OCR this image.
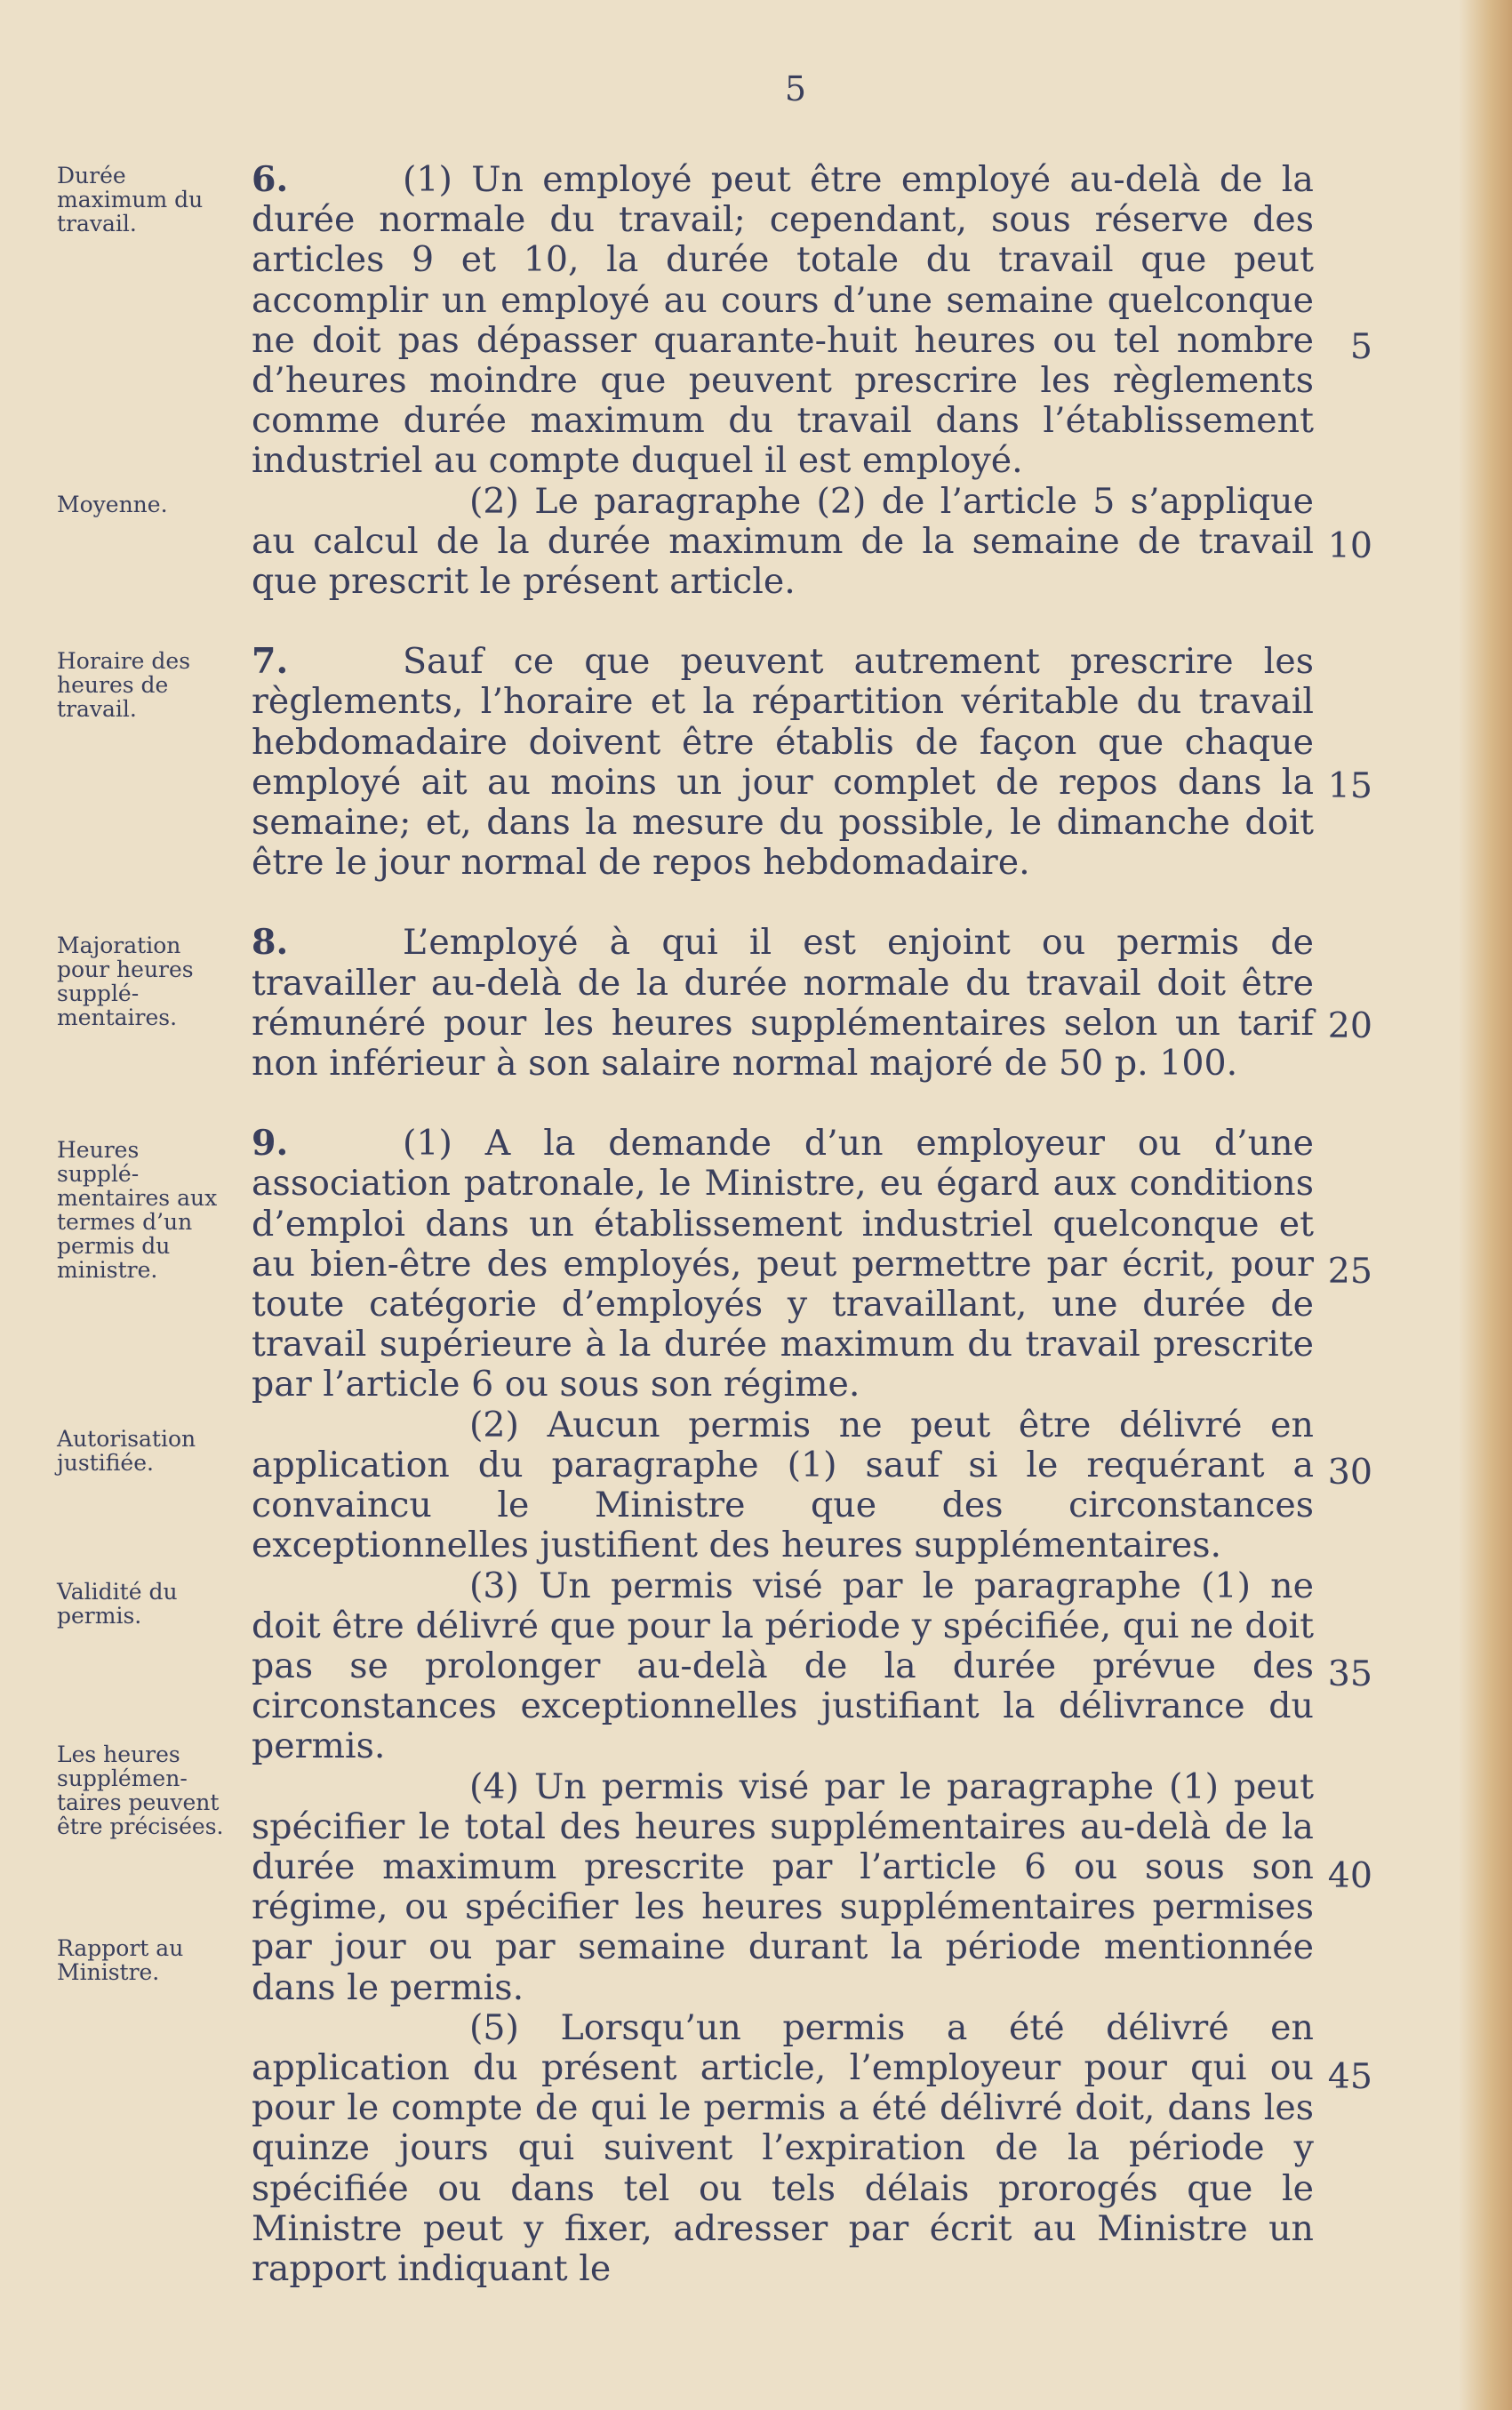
5
Durée maximum du travail.
Moyenne.
Horaire des heures de travail.
Majoration pour heures supplé- mentaires.
Heures supplé- mentaires aux termes d’un permis du ministre.
Autorisation justifiée.
Validité du permis.
Les heures supplémen- taires peuvent être précisées.
Rapport au Ministre.

6.	(1) Un employé peut être employé au-delà de la durée normale du travail; cependant, sous réserve des articles 9 et 10, la durée totale du travail que peut accomplir un employé au cours d’une semaine quelconque ne doit pas dépasser quarante-huit heures ou tel nombre d’heures moindre que peuvent prescrire les règlements comme durée maximum du travail dans l’établissement industriel au compte duquel il est employé.

(2) Le paragraphe (2) de l’article 5 s’applique au calcul de la durée maximum de la semaine de travail que prescrit le présent article.

7.	Sauf ce que peuvent autrement prescrire les règlements, l’horaire et la répartition véritable du travail hebdomadaire doivent être établis de façon que chaque employé ait au moins un jour complet de repos dans la semaine; et, dans la mesure du possible, le dimanche doit être le jour normal de repos hebdomadaire.

8.	L’employé à qui il est enjoint ou permis de travailler au-delà de la durée normale du travail doit être rémunéré pour les heures supplémentaires selon un tarif non inférieur à son salaire normal majoré de 50 p. 100.

9.	(1) A la demande d’un employeur ou d’une association patronale, le Ministre, eu égard aux conditions d’emploi dans un établissement industriel quelconque et au bien-être des employés, peut permettre par écrit, pour toute catégorie d’employés y travaillant, une durée de travail supérieure à la durée maximum du travail prescrite par l’article 6 ou sous son régime.

(2) Aucun permis ne peut être délivré en application du paragraphe (1) sauf si le requérant a convaincu le Ministre que des circonstances exceptionnelles justifient des heures supplémentaires.

(3) Un permis visé par le paragraphe (1) ne doit être délivré que pour la période y spécifiée, qui ne doit pas se prolonger au-delà de la durée prévue des circonstances exceptionnelles justifiant la délivrance du permis.

(4) Un permis visé par le paragraphe (1) peut spécifier le total des heures supplémentaires au-delà de la durée maximum prescrite par l’article 6 ou sous son régime, ou spécifier les heures supplémentaires permises par jour ou par semaine durant la période mentionnée dans le permis.

(5) Lorsqu’un permis a été délivré en application du présent article, l’employeur pour qui ou pour le compte de qui le permis a été délivré doit, dans les quinze jours qui suivent l’expiration de la période y spécifiée ou dans tel ou tels délais prorogés que le Ministre peut y fixer, adresser par écrit au Ministre un rapport indiquant le

5
10
15
20
25
30
35
40
45
